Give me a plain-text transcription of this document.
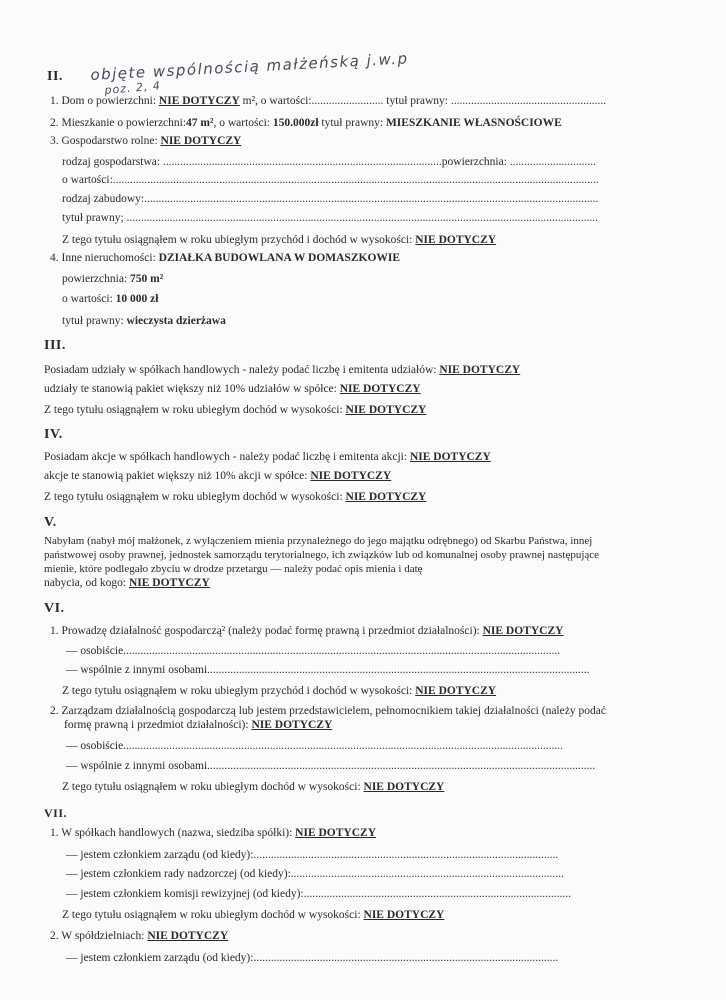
II. objęte wspólnością małżeńską j.w.p
poz. 2, 4
1. Dom o powierzchni: NIE DOTYCZY m², o wartości:......................... tytuł prawny: ......................................................
2. Mieszkanie o powierzchni:47 m², o wartości: 150.000zł tytuł prawny: MIESZKANIE WŁASNOŚCIOWE
3. Gospodarstwo rolne: NIE DOTYCZY
rodzaj gospodarstwa: .................................................................................................powierzchnia: ..............................
o wartości:.........................................................................................................................................................................
rodzaj zabudowy:..............................................................................................................................................................
tytuł prawny; ....................................................................................................................................................................
Z tego tytułu osiągnąłem w roku ubiegłym przychód i dochód w wysokości: NIE DOTYCZY
4. Inne nieruchomości: DZIAŁKA BUDOWLANA W DOMASZKOWIE
powierzchnia: 750 m²
o wartości: 10 000 zł
tytuł prawny: wieczysta dzierżawa
III.
Posiadam udziały w spółkach handlowych - należy podać liczbę i emitenta udziałów: NIE DOTYCZY
udziały te stanowią pakiet większy niż 10% udziałów w spółce: NIE DOTYCZY
Z tego tytułu osiągnąłem w roku ubiegłym dochód w wysokości: NIE DOTYCZY
IV.
Posiadam akcje w spółkach handlowych - należy podać liczbę i emitenta akcji: NIE DOTYCZY
akcje te stanowią pakiet większy niż 10% akcji w spółce: NIE DOTYCZY
Z tego tytułu osiągnąłem w roku ubiegłym dochód w wysokości: NIE DOTYCZY
V.
Nabyłam (nabył mój małżonek, z wyłączeniem mienia przynależnego do jego majątku odrębnego) od Skarbu Państwa, innej
państwowej osoby prawnej, jednostek samorządu terytorialnego, ich związków lub od komunalnej osoby prawnej następujące
mienie, które podlegało zbyciu w drodze przetargu — należy podać opis mienia i datę
nabycia, od kogo: NIE DOTYCZY
VI.
1. Prowadzę działalność gospodarczą² (należy podać formę prawną i przedmiot działalności): NIE DOTYCZY
— osobiście........................................................................................................................................................
— wspólnie z innymi osobami.....................................................................................................................................
Z tego tytułu osiągnąłem w roku ubiegłym przychód i dochód w wysokości: NIE DOTYCZY
2. Zarządzam działalnością gospodarczą lub jestem przedstawicielem, pełnomocnikiem takiej działalności (należy podać
formę prawną i przedmiot działalności): NIE DOTYCZY
— osobiście.........................................................................................................................................................
— wspólnie z innymi osobami.......................................................................................................................................
Z tego tytułu osiągnąłem w roku ubiegłym dochód w wysokości: NIE DOTYCZY
VII.
1. W spółkach handlowych (nazwa, siedziba spółki): NIE DOTYCZY
— jestem członkiem zarządu (od kiedy):..........................................................................................................
— jestem członkiem rady nadzorczej (od kiedy):...............................................................................................
— jestem członkiem komisji rewizyjnej (od kiedy):.............................................................................................
Z tego tytułu osiągnąłem w roku ubiegłym dochód w wysokości: NIE DOTYCZY
2. W spółdzielniach: NIE DOTYCZY
— jestem członkiem zarządu (od kiedy):..........................................................................................................
